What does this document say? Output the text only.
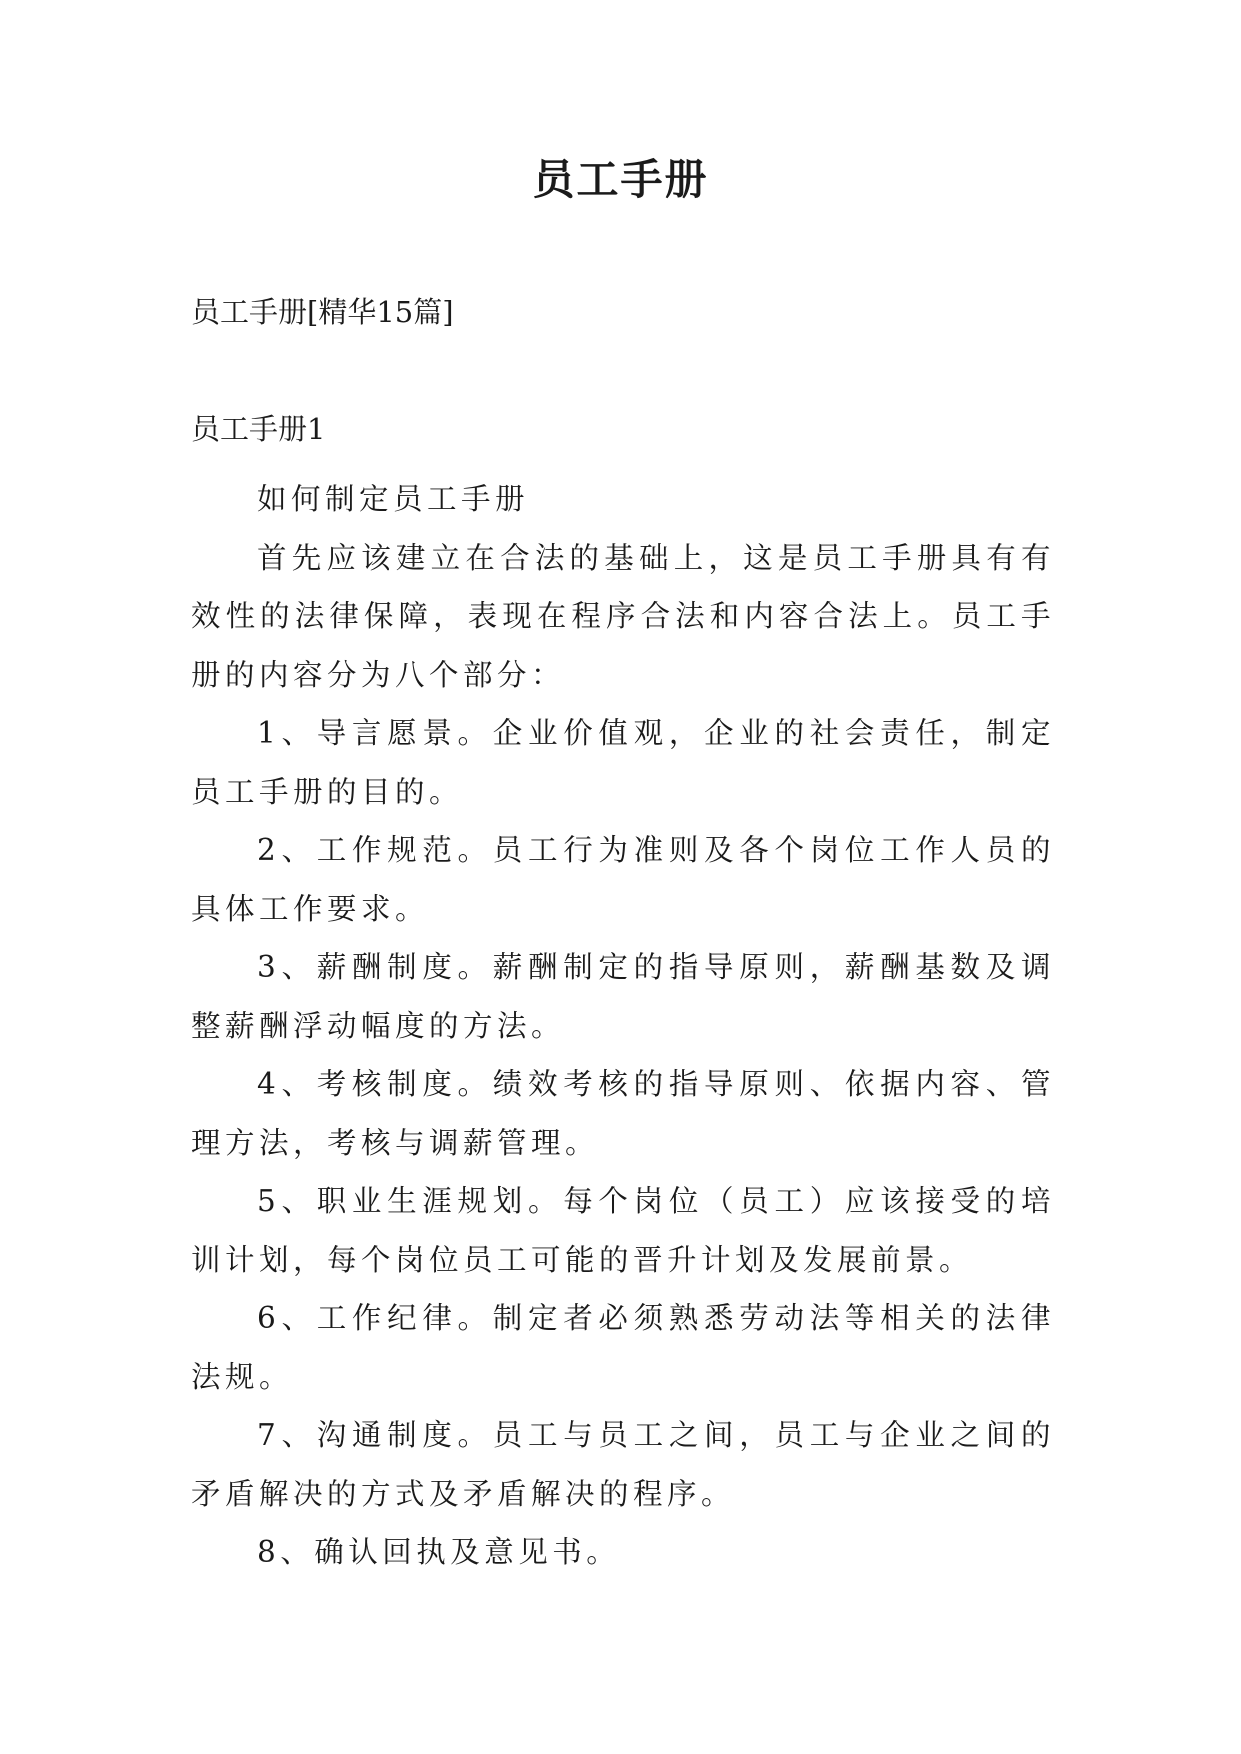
员工手册
员工手册[精华15篇]
员工手册1

如何制定员工手册

首先应该建立在合法的基础上，这是员工手册具有有效性的法律保障，表现在程序合法和内容合法上。员工手册的内容分为八个部分：

1、导言愿景。企业价值观，企业的社会责任，制定员工手册的目的。

2、工作规范。员工行为准则及各个岗位工作人员的具体工作要求。

3、薪酬制度。薪酬制定的指导原则，薪酬基数及调整薪酬浮动幅度的方法。

4、考核制度。绩效考核的指导原则、依据内容、管理方法，考核与调薪管理。

5、职业生涯规划。每个岗位（员工）应该接受的培训计划，每个岗位员工可能的晋升计划及发展前景。

6、工作纪律。制定者必须熟悉劳动法等相关的法律法规。

7、沟通制度。员工与员工之间，员工与企业之间的矛盾解决的方式及矛盾解决的程序。

8、确认回执及意见书。
